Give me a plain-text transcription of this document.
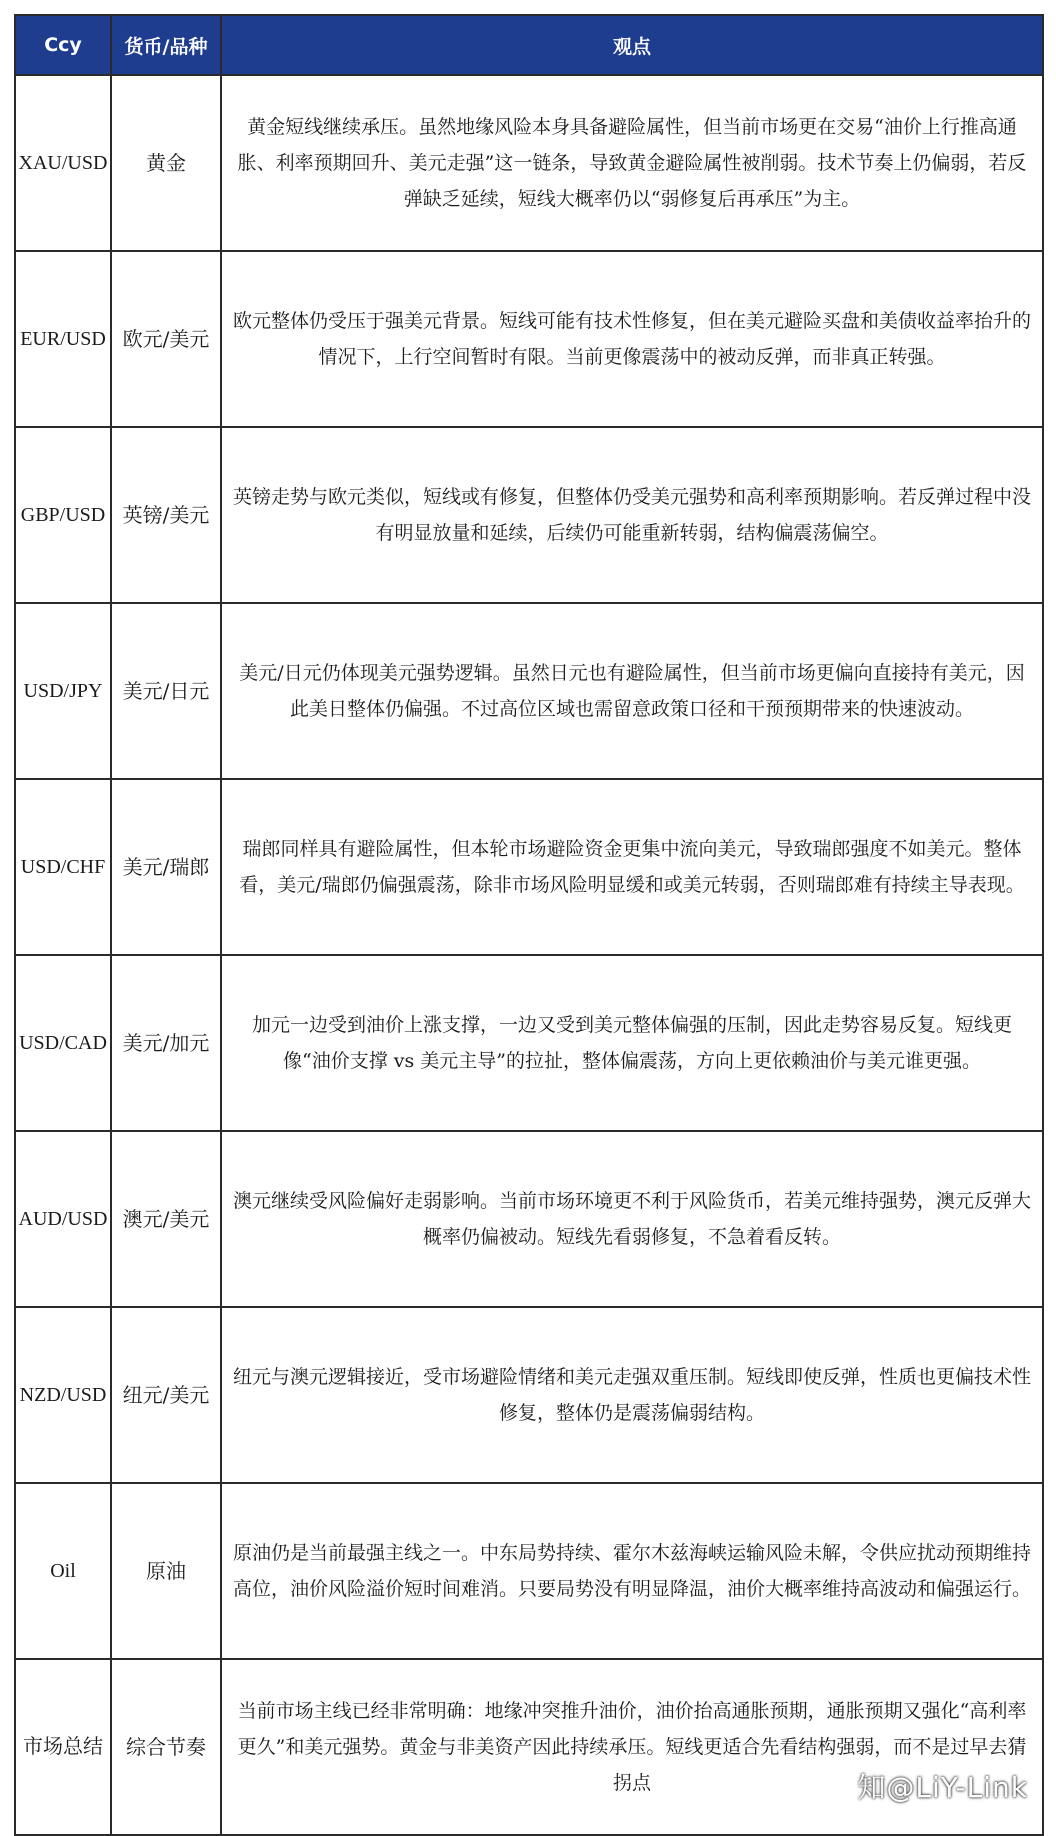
Ccy	货币/品种	观点
XAU/USD	黄金	黄金短线继续承压。虽然地缘风险本身具备避险属性，但当前市场更在交易“油价上行推高通胀、利率预期回升、美元走强”这一链条，导致黄金避险属性被削弱。技术节奏上仍偏弱，若反弹缺乏延续，短线大概率仍以“弱修复后再承压”为主。
EUR/USD	欧元/美元	欧元整体仍受压于强美元背景。短线可能有技术性修复，但在美元避险买盘和美债收益率抬升的情况下，上行空间暂时有限。当前更像震荡中的被动反弹，而非真正转强。
GBP/USD	英镑/美元	英镑走势与欧元类似，短线或有修复，但整体仍受美元强势和高利率预期影响。若反弹过程中没有明显放量和延续，后续仍可能重新转弱，结构偏震荡偏空。
USD/JPY	美元/日元	美元/日元仍体现美元强势逻辑。虽然日元也有避险属性，但当前市场更偏向直接持有美元，因此美日整体仍偏强。不过高位区域也需留意政策口径和干预预期带来的快速波动。
USD/CHF	美元/瑞郎	瑞郎同样具有避险属性，但本轮市场避险资金更集中流向美元，导致瑞郎强度不如美元。整体看，美元/瑞郎仍偏强震荡，除非市场风险明显缓和或美元转弱，否则瑞郎难有持续主导表现。
USD/CAD	美元/加元	加元一边受到油价上涨支撑，一边又受到美元整体偏强的压制，因此走势容易反复。短线更像“油价支撑 vs 美元主导”的拉扯，整体偏震荡，方向上更依赖油价与美元谁更强。
AUD/USD	澳元/美元	澳元继续受风险偏好走弱影响。当前市场环境更不利于风险货币，若美元维持强势，澳元反弹大概率仍偏被动。短线先看弱修复，不急着看反转。
NZD/USD	纽元/美元	纽元与澳元逻辑接近，受市场避险情绪和美元走强双重压制。短线即使反弹，性质也更偏技术性修复，整体仍是震荡偏弱结构。
Oil	原油	原油仍是当前最强主线之一。中东局势持续、霍尔木兹海峡运输风险未解，令供应扰动预期维持高位，油价风险溢价短时间难消。只要局势没有明显降温，油价大概率维持高波动和偏强运行。
市场总结	综合节奏	当前市场主线已经非常明确：地缘冲突推升油价，油价抬高通胀预期，通胀预期又强化“高利率更久”和美元强势。黄金与非美资产因此持续承压。短线更适合先看结构强弱，而不是过早去猜拐点	知@LiY-Link
